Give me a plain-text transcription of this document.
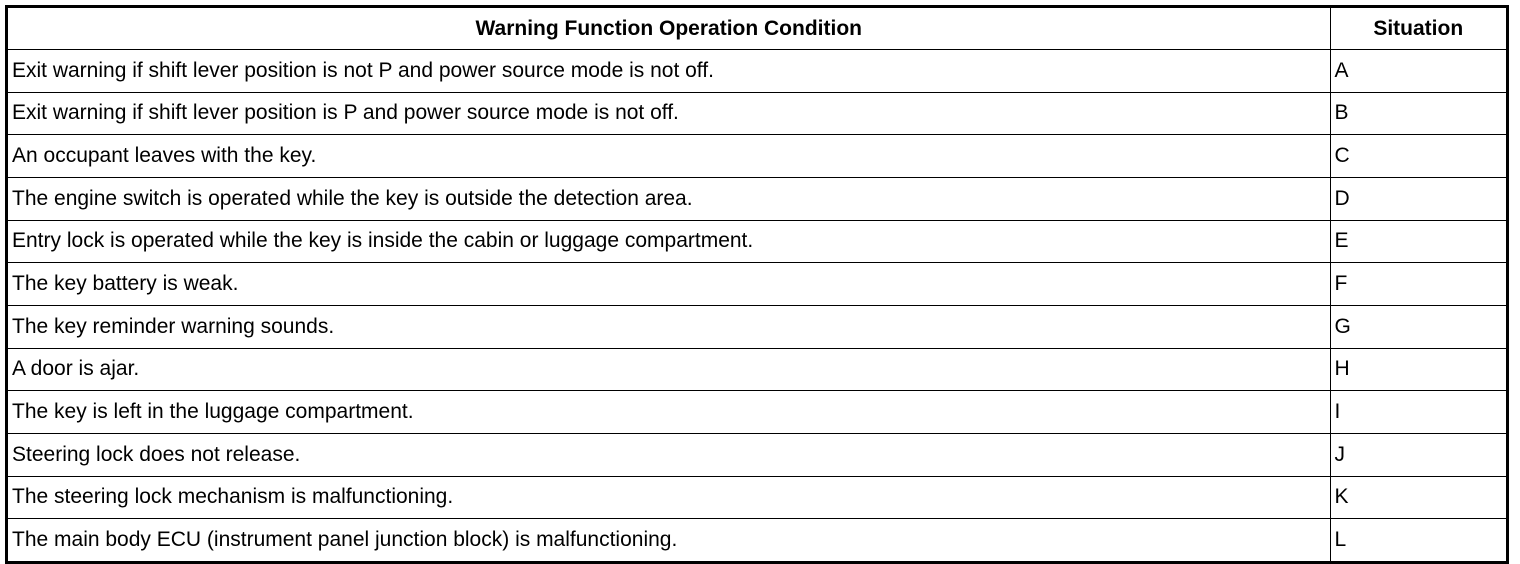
Warning Function Operation Condition	Situation
Exit warning if shift lever position is not P and power source mode is not off.	A
Exit warning if shift lever position is P and power source mode is not off.	B
An occupant leaves with the key.	C
The engine switch is operated while the key is outside the detection area.	D
Entry lock is operated while the key is inside the cabin or luggage compartment.	E
The key battery is weak.	F
The key reminder warning sounds.	G
A door is ajar.	H
The key is left in the luggage compartment.	I
Steering lock does not release.	J
The steering lock mechanism is malfunctioning.	K
The main body ECU (instrument panel junction block) is malfunctioning.	L
